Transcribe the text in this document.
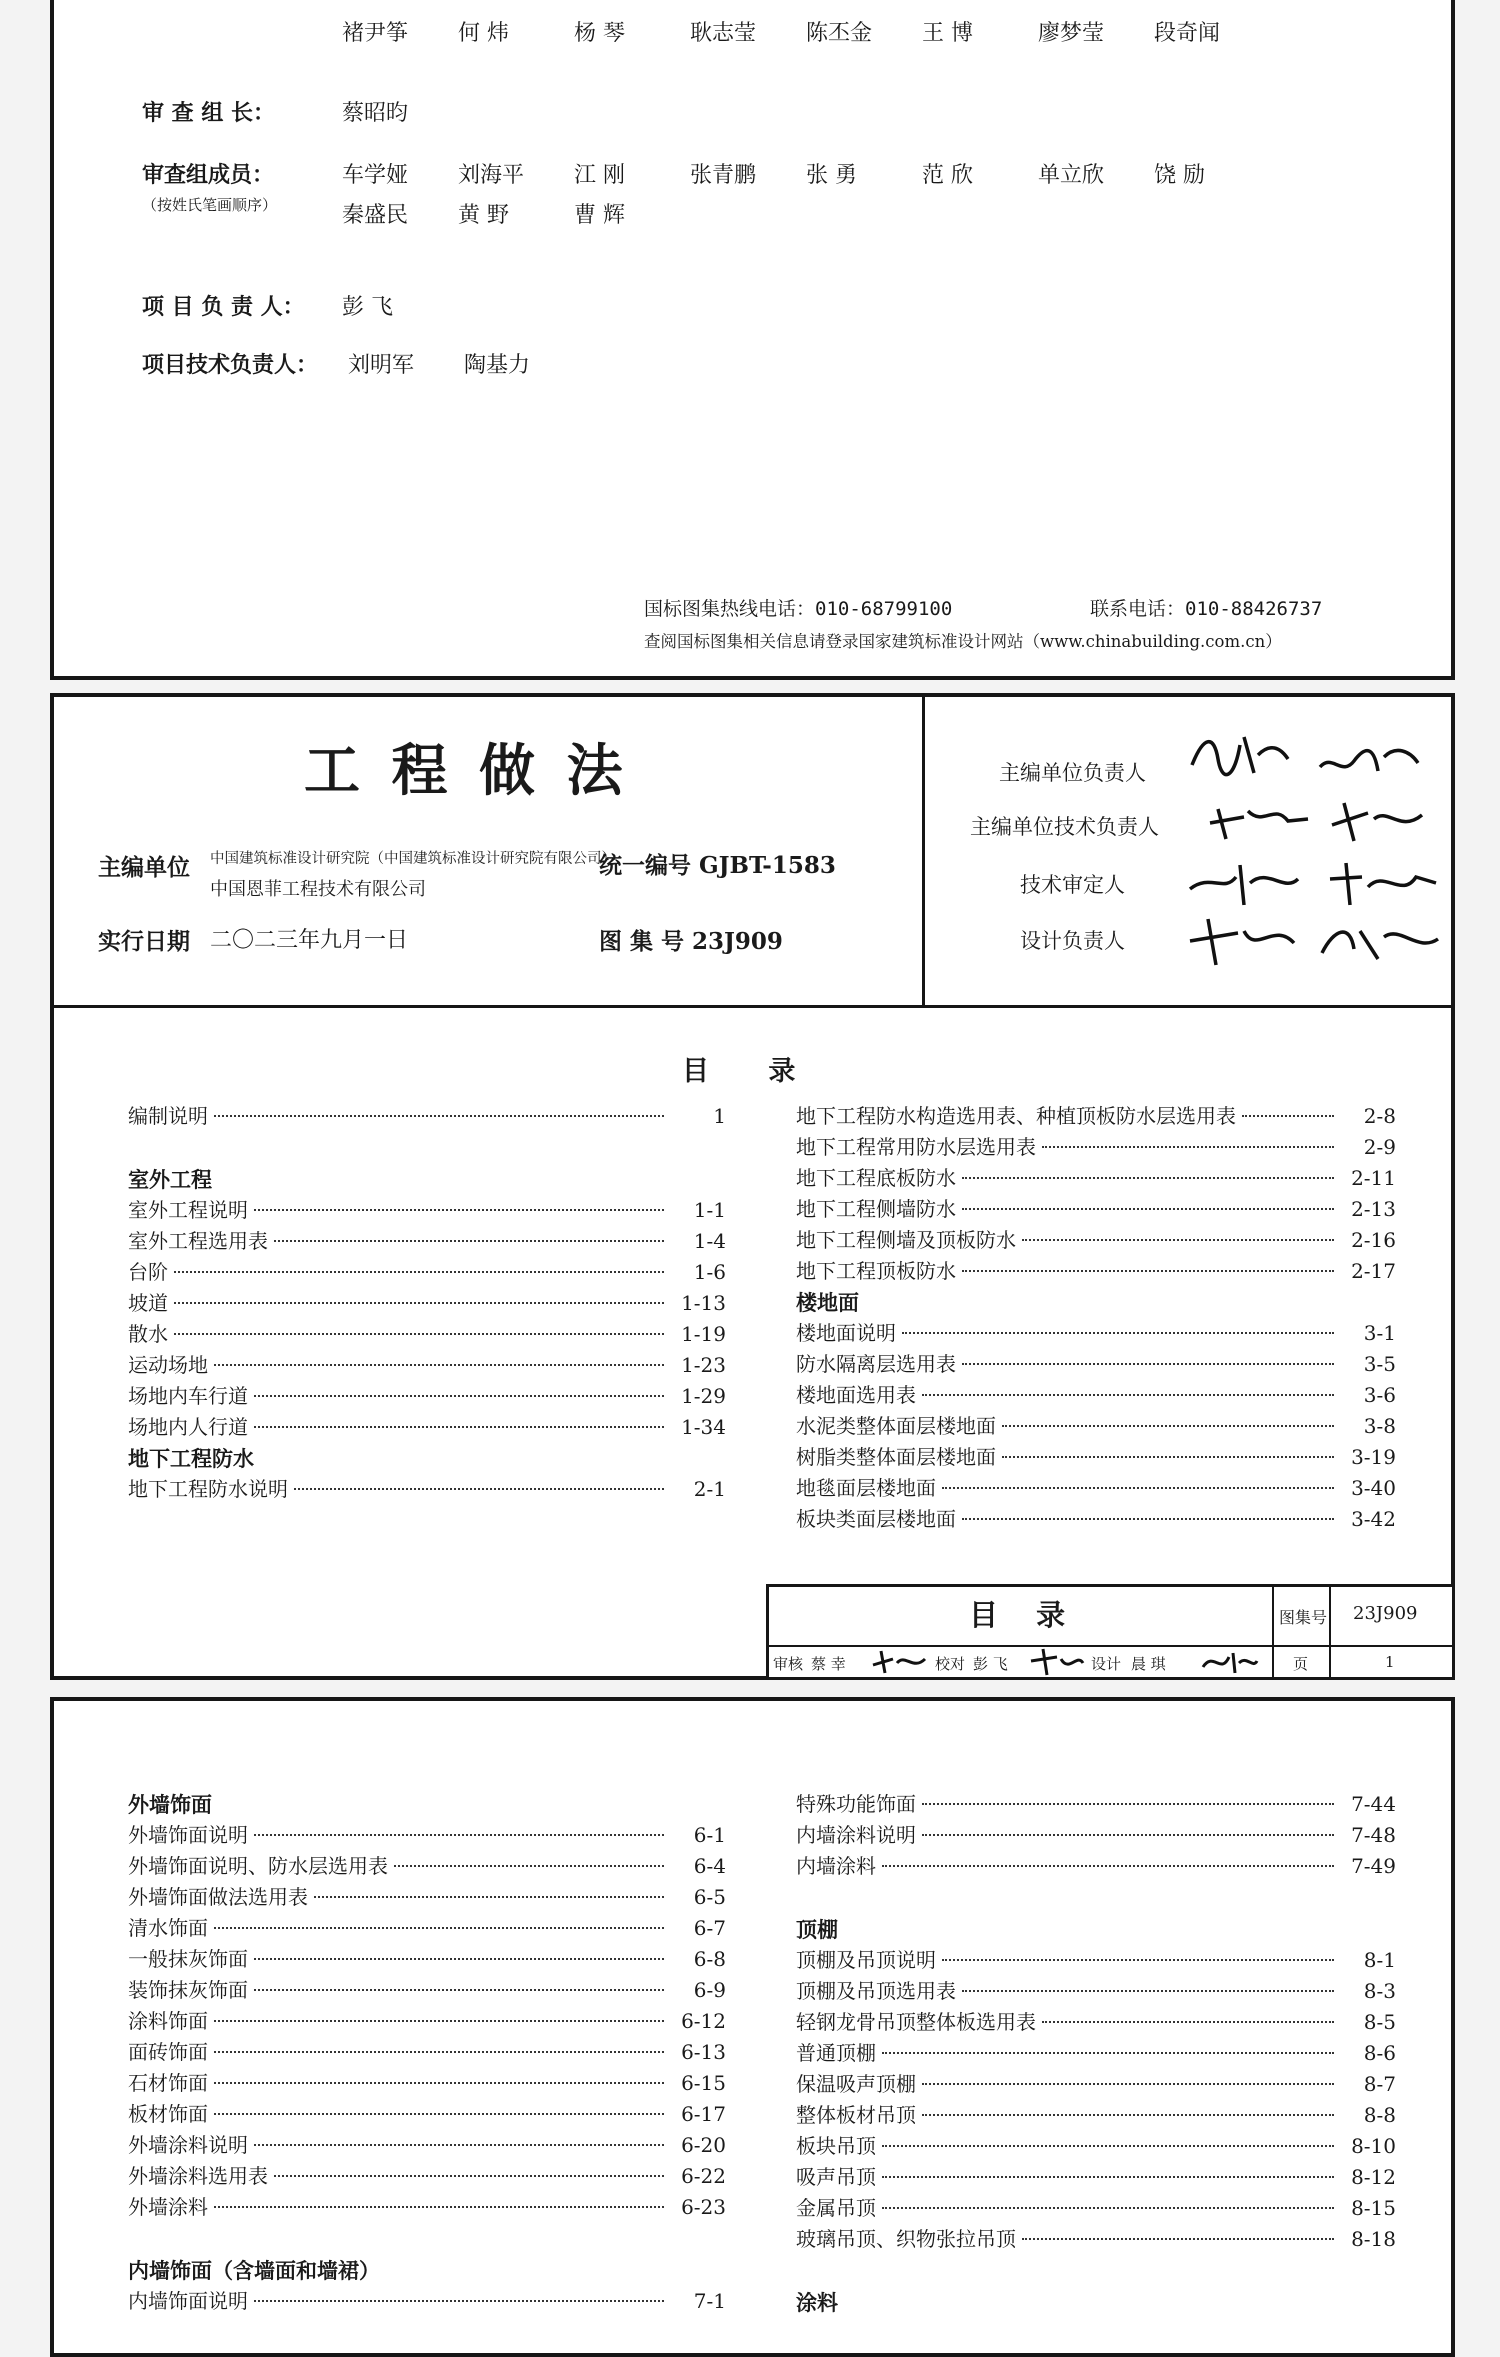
褚尹筝 何 炜	杨 琴	耿志莹 陈丕金 王 博	廖梦莹 段奇闻
审 查 组 长：	蔡昭昀
审查组成员：
（按姓氏笔画顺序）
车学娅 刘海平 江 刚	张青鹏 张 勇	范 欣	单立欣 饶 励
秦盛民 黄 野	曹 辉
项 目 负 责 人： 彭 飞
项目技术负责人： 刘明军 陶基力
国标图集热线电话：010-68799100	联系电话：010-88426737
查阅国标图集相关信息请登录国家建筑标准设计网站（www.chinabuilding.com.cn）
工 程 做 法
主编单位 中国建筑标准设计研究院（中国建筑标准设计研究院有限公司）
中国恩菲工程技术有限公司
统一编号 GJBT-1583
实行日期 二〇二三年九月一日	图 集 号 23J909
主编单位负责人
主编单位技术负责人
技术审定人
设计负责人
目 录
编制说明	1
室外工程
室外工程说明	1-1
室外工程选用表	1-4
台阶	1-6
坡道	1-13
散水	1-19
运动场地	1-23
场地内车行道	1-29
场地内人行道	1-34
地下工程防水
地下工程防水说明	2-1
地下工程防水构造选用表、种植顶板防水层选用表	2-8
地下工程常用防水层选用表	2-9
地下工程底板防水	2-11
地下工程侧墙防水	2-13
地下工程侧墙及顶板防水	2-16
地下工程顶板防水	2-17
楼地面
楼地面说明	3-1
防水隔离层选用表	3-5
楼地面选用表	3-6
水泥类整体面层楼地面	3-8
树脂类整体面层楼地面	3-19
地毯面层楼地面	3-40
板块类面层楼地面	3-42
目 录	图集号 23J909
审核 蔡 幸	校对 彭 飞	设计 晨 琪	页	1
外墙饰面
外墙饰面说明	6-1
外墙饰面说明、防水层选用表	6-4
外墙饰面做法选用表	6-5
清水饰面	6-7
一般抹灰饰面	6-8
装饰抹灰饰面	6-9
涂料饰面	6-12
面砖饰面	6-13
石材饰面	6-15
板材饰面	6-17
外墙涂料说明	6-20
外墙涂料选用表	6-22
外墙涂料	6-23
内墙饰面（含墙面和墙裙）
内墙饰面说明	7-1
特殊功能饰面	7-44
内墙涂料说明	7-48
内墙涂料	7-49
顶棚
顶棚及吊顶说明	8-1
顶棚及吊顶选用表	8-3
轻钢龙骨吊顶整体板选用表	8-5
普通顶棚	8-6
保温吸声顶棚	8-7
整体板材吊顶	8-8
板块吊顶	8-10
吸声吊顶	8-12
金属吊顶	8-15
玻璃吊顶、织物张拉吊顶	8-18
涂料
